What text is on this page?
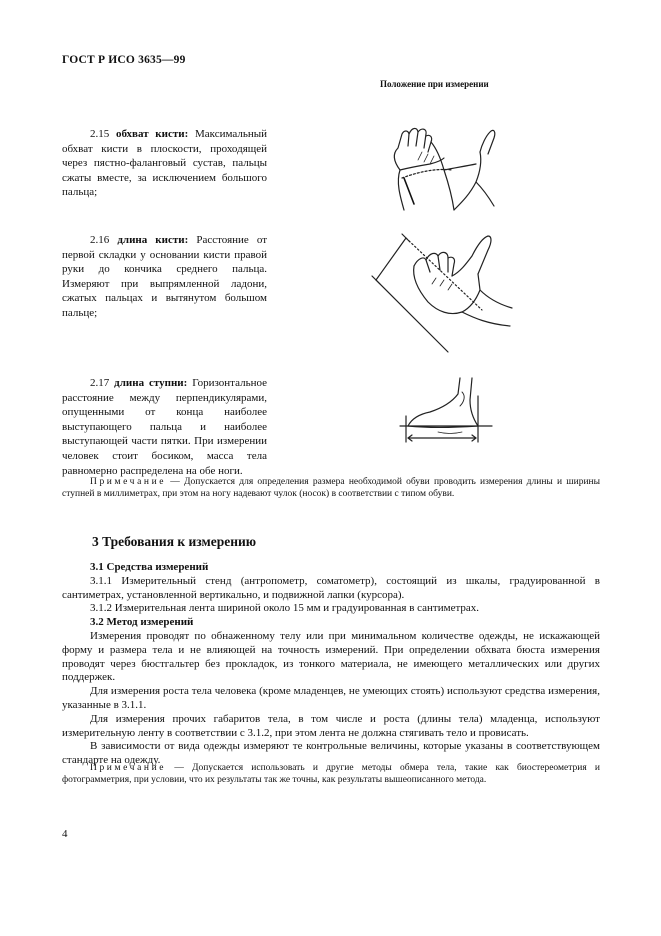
ГОСТ Р ИСО 3635—99
Положение при измерении

2.15 обхват кисти: Максимальный обхват кисти в плоскости, проходящей через пястно-фаланговый сустав, пальцы сжаты вместе, за исключением большого пальца;

2.16 длина кисти: Расстояние от первой складки у основании кисти правой руки до кончика среднего пальца. Измеряют при выпрямленной ладони, сжатых пальцах и вытянутом большом пальце;

2.17 длина ступни: Горизонтальное расстояние между перпендикулярами, опущенными от конца наиболее выступающего пальца и наиболее выступающей части пятки. При измерении человек стоит босиком, масса тела равномерно распределена на обе ноги.

Примечание — Допускается для определения размера необходимой обуви проводить измерения длины и ширины ступней в миллиметрах, при этом на ногу надевают чулок (носок) в соответствии с типом обуви.

3 Требования к измерению

3.1 Средства измерений

3.1.1 Измерительный стенд (антропометр, соматометр), состоящий из шкалы, градуированной в сантиметрах, установленной вертикально, и подвижной лапки (курсора).

3.1.2 Измерительная лента шириной около 15 мм и градуированная в сантиметрах.

3.2 Метод измерений

Измерения проводят по обнаженному телу или при минимальном количестве одежды, не искажающей форму и размера тела и не влияющей на точность измерений. При определении обхвата бюста измерения проводят через бюстгальтер без прокладок, из тонкого материала, не имеющего металлических или других поддержек.

Для измерения роста тела человека (кроме младенцев, не умеющих стоять) используют средства измерения, указанные в 3.1.1.

Для измерения прочих габаритов тела, в том числе и роста (длины тела) младенца, используют измерительную ленту в соответствии с 3.1.2, при этом лента не должна стягивать тело и провисать.

В зависимости от вида одежды измеряют те контрольные величины, которые указаны в соответствующем стандарте на одежду.

Примечание — Допускается использовать и другие методы обмера тела, такие как биостереометрия и фотограмметрия, при условии, что их результаты так же точны, как результаты вышеописанного метода.

4
